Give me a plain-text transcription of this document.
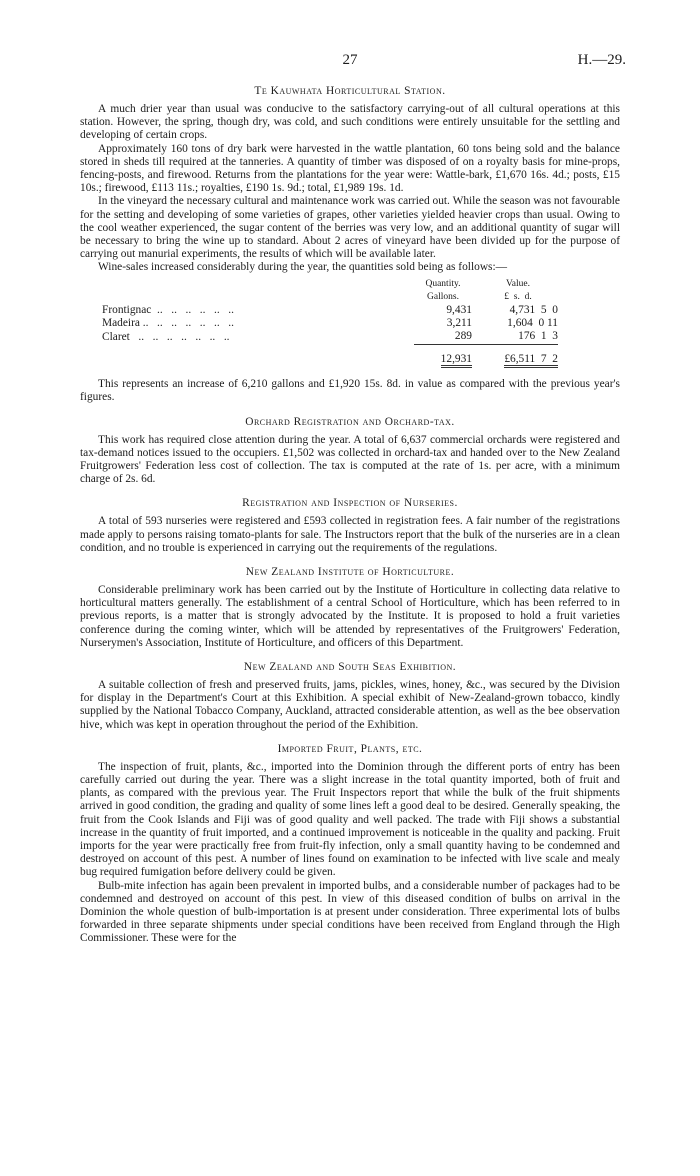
27	H.—29.
Te Kauwhata Horticultural Station.

A much drier year than usual was conducive to the satisfactory carrying-out of all cultural operations at this station. However, the spring, though dry, was cold, and such conditions were entirely unsuitable for the settling and developing of certain crops.

Approximately 160 tons of dry bark were harvested in the wattle plantation, 60 tons being sold and the balance stored in sheds till required at the tanneries. A quantity of timber was disposed of on a royalty basis for mine-props, fencing-posts, and firewood. Returns from the plantations for the year were: Wattle-bark, £1,670 16s. 4d.; posts, £15 10s.; firewood, £113 11s.; royalties, £190 1s. 9d.; total, £1,989 19s. 1d.

In the vineyard the necessary cultural and maintenance work was carried out. While the season was not favourable for the setting and developing of some varieties of grapes, other varieties yielded heavier crops than usual. Owing to the cool weather experienced, the sugar content of the berries was very low, and an additional quantity of sugar will be necessary to bring the wine up to standard. About 2 acres of vineyard have been divided up for the purpose of carrying out manurial experiments, the results of which will be available later.

Wine-sales increased considerably during the year, the quantities sold being as follows:—

	Quantity.	Value.
	Gallons.	£  s.  d.
Frontignac  ..   ..   ..   ..   ..   ..	9,431	4,731  5  0
Madeira ..   ..   ..   ..   ..   ..   ..	3,211	1,604  0 11
Claret   ..   ..   ..   ..   ..   ..   ..	289	176  1  3
	12,931	£6,511  7  2

This represents an increase of 6,210 gallons and £1,920 15s. 8d. in value as compared with the previous year's figures.

Orchard Registration and Orchard-tax.

This work has required close attention during the year. A total of 6,637 commercial orchards were registered and tax-demand notices issued to the occupiers. £1,502 was collected in orchard-tax and handed over to the New Zealand Fruitgrowers' Federation less cost of collection. The tax is computed at the rate of 1s. per acre, with a minimum charge of 2s. 6d.

Registration and Inspection of Nurseries.

A total of 593 nurseries were registered and £593 collected in registration fees. A fair number of the registrations made apply to persons raising tomato-plants for sale. The Instructors report that the bulk of the nurseries are in a clean condition, and no trouble is experienced in carrying out the requirements of the regulations.

New Zealand Institute of Horticulture.

Considerable preliminary work has been carried out by the Institute of Horticulture in collecting data relative to horticultural matters generally. The establishment of a central School of Horticulture, which has been referred to in previous reports, is a matter that is strongly advocated by the Institute. It is proposed to hold a fruit varieties conference during the coming winter, which will be attended by representatives of the Fruitgrowers' Federation, Nurserymen's Association, Institute of Horticulture, and officers of this Department.

New Zealand and South Seas Exhibition.

A suitable collection of fresh and preserved fruits, jams, pickles, wines, honey, &c., was secured by the Division for display in the Department's Court at this Exhibition. A special exhibit of New-Zealand-grown tobacco, kindly supplied by the National Tobacco Company, Auckland, attracted considerable attention, as well as the bee observation hive, which was kept in operation throughout the period of the Exhibition.

Imported Fruit, Plants, etc.

The inspection of fruit, plants, &c., imported into the Dominion through the different ports of entry has been carefully carried out during the year. There was a slight increase in the total quantity imported, both of fruit and plants, as compared with the previous year. The Fruit Inspectors report that while the bulk of the fruit shipments arrived in good condition, the grading and quality of some lines left a good deal to be desired. Generally speaking, the fruit from the Cook Islands and Fiji was of good quality and well packed. The trade with Fiji shows a substantial increase in the quantity of fruit imported, and a continued improvement is noticeable in the quality and packing. Fruit imports for the year were practically free from fruit-fly infection, only a small quantity having to be condemned and destroyed on account of this pest. A number of lines found on examination to be infected with live scale and mealy bug required fumigation before delivery could be given.

Bulb-mite infection has again been prevalent in imported bulbs, and a considerable number of packages had to be condemned and destroyed on account of this pest. In view of this diseased condition of bulbs on arrival in the Dominion the whole question of bulb-importation is at present under consideration. Three experimental lots of bulbs forwarded in three separate shipments under special conditions have been received from England through the High Commissioner. These were for the
